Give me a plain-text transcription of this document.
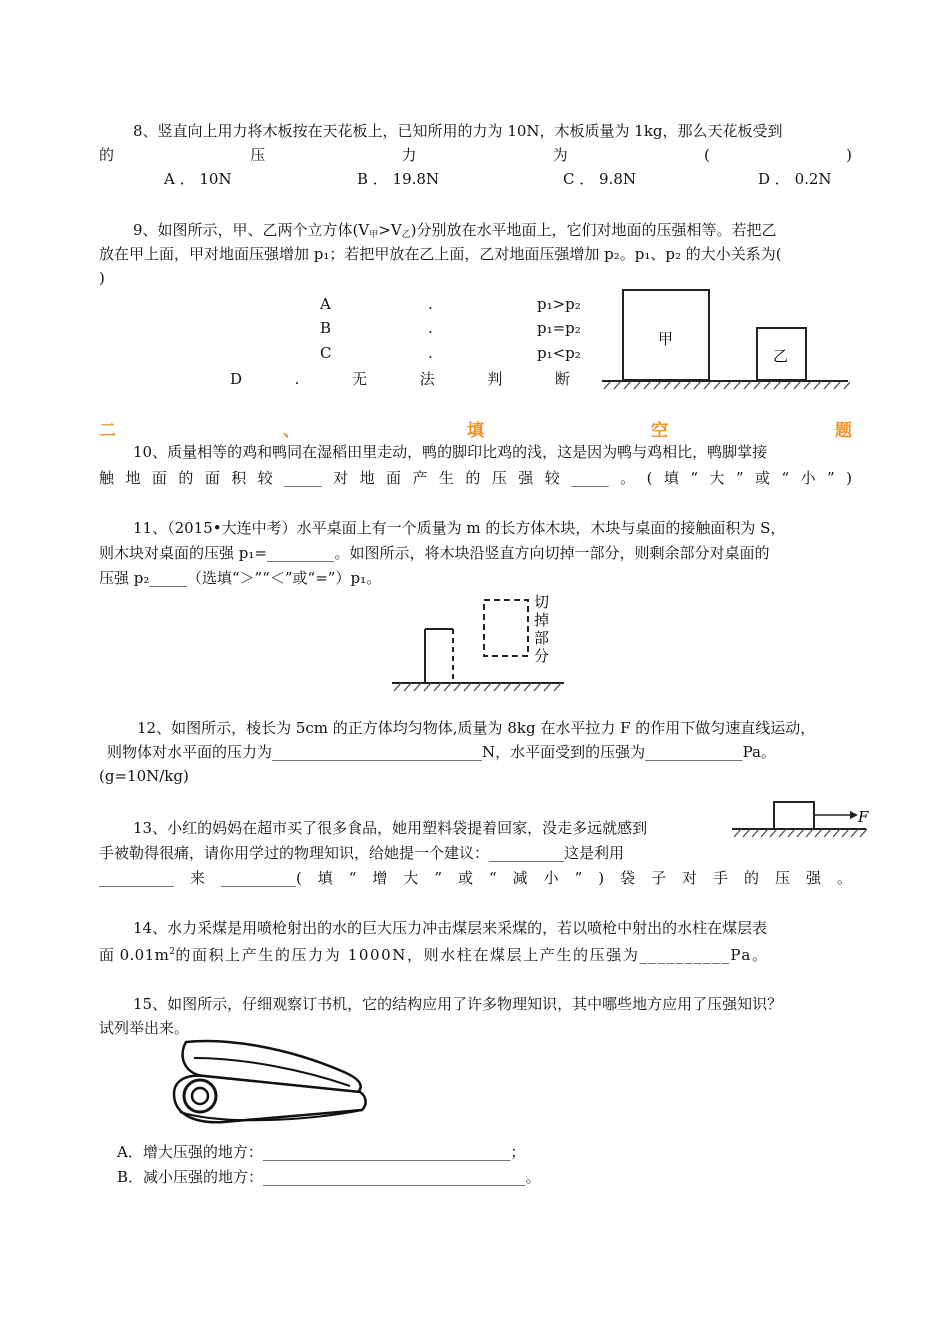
8、竖直向上用力将木板按在天花板上，已知所用的力为 10N，木板质量为 1kg，那么天花板受到
的	压	力	为	(	)
A ． 10N	B ． 19.8N	C ． 9.8N	D ． 0.2N
9、如图所示，甲、乙两个立方体$(V_甲>V_乙)$分别放在水平地面上，它们对地面的压强相等。若把乙
放在甲上面，甲对地面压强增加 p₁；若把甲放在乙上面，乙对地面压强增加 p₂。p₁、p₂ 的大小关系为(
)
A	.	p₁>p₂
B	.	p₁=p₂
C	.	p₁<p₂
D	.	无	法	判	断
甲
乙
二	、	填	空	题
10、质量相等的鸡和鸭同在湿稻田里走动，鸭的脚印比鸡的浅，这是因为鸭与鸡相比，鸭脚掌接
触 地 面 的 面 积 较 _____ 对 地 面 产 生 的 压 强 较 _____ 。 ( 填 “ 大 ” 或 “ 小 ” )
11、（2015•大连中考）水平桌面上有一个质量为 m 的长方体木块，木块与桌面的接触面积为 S，
则木块对桌面的压强 p₁=_________。如图所示，将木块沿竖直方向切掉一部分，则剩余部分对桌面的
压强 p₂_____（选填“＞”“＜”或“=”）p₁。
切
掉
部
分
12、如图所示，棱长为 5cm 的正方体均匀物体,质量为 8kg 在水平拉力 F 的作用下做匀速直线运动，
则物体对水平面的压力为____________________________N，水平面受到的压强为_____________Pa。
(g=10N/kg)
13、小红的妈妈在超市买了很多食品，她用塑料袋提着回家，没走多远就感到
手被勒得很痛，请你用学过的物理知识，给她提一个建议：__________这是利用
__________ 来 __________( 填 “ 增 大 ” 或 “ 减 小 ” ) 袋 子 对 手 的 压 强 。
F
14、水力采煤是用喷枪射出的水的巨大压力冲击煤层来采煤的，若以喷枪中射出的水柱在煤层表
面 $0.01m^2$的面积上产生的压力为 1000N，则水柱在煤层上产生的压强为__________Pa。
15、如图所示，仔细观察订书机，它的结构应用了许多物理知识，其中哪些地方应用了压强知识？
试列举出来。
A．增大压强的地方：_________________________________；
B．减小压强的地方：___________________________________。
